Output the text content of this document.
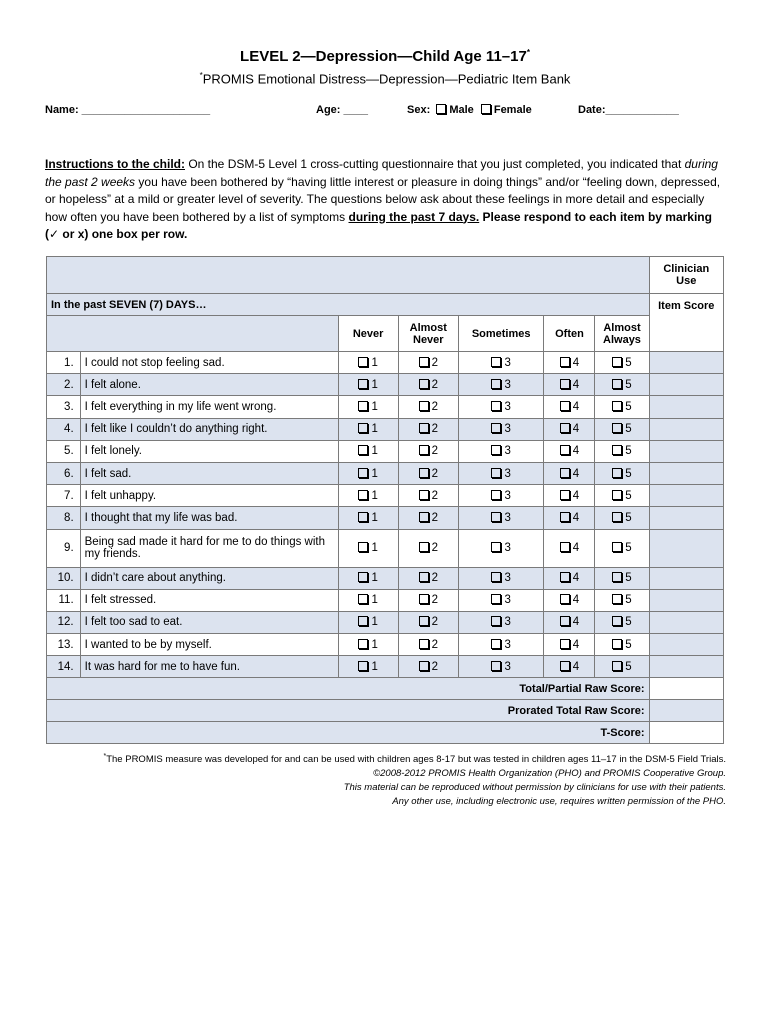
LEVEL 2—Depression—Child Age 11–17*
*PROMIS Emotional Distress—Depression—Pediatric Item Bank
Name: _____________________	Age: ____	Sex: Male Female	Date:____________
Instructions to the child: On the DSM-5 Level 1 cross-cutting questionnaire that you just completed, you indicated that during the past 2 weeks you have been bothered by “having little interest or pleasure in doing things” and/or “feeling down, depressed, or hopeless” at a mild or greater level of severity. The questions below ask about these feelings in more detail and especially how often you have been bothered by a list of symptoms during the past 7 days. Please respond to each item by marking (✓ or x) one box per row.
							Clinician Use
In the past SEVEN (7) DAYS…							Item Score
		Never	Almost Never	Sometimes	Often	Almost Always	
1.	I could not stop feeling sad.	1	2	3	4	5	
2.	I felt alone.	1	2	3	4	5	
3.	I felt everything in my life went wrong.	1	2	3	4	5	
4.	I felt like I couldn’t do anything right.	1	2	3	4	5	
5.	I felt lonely.	1	2	3	4	5	
6.	I felt sad.	1	2	3	4	5	
7.	I felt unhappy.	1	2	3	4	5	
8.	I thought that my life was bad.	1	2	3	4	5	
9.	Being sad made it hard for me to do things with my friends.	1	2	3	4	5	
10.	I didn’t care about anything.	1	2	3	4	5	
11.	I felt stressed.	1	2	3	4	5	
12.	I felt too sad to eat.	1	2	3	4	5	
13.	I wanted to be by myself.	1	2	3	4	5	
14.	It was hard for me to have fun.	1	2	3	4	5	
Total/Partial Raw Score:							
Prorated Total Raw Score:							
T-Score:							
*The PROMIS measure was developed for and can be used with children ages 8-17 but was tested in children ages 11–17 in the DSM-5 Field Trials.
©2008-2012 PROMIS Health Organization (PHO) and PROMIS Cooperative Group.
This material can be reproduced without permission by clinicians for use with their patients.
Any other use, including electronic use, requires written permission of the PHO.
